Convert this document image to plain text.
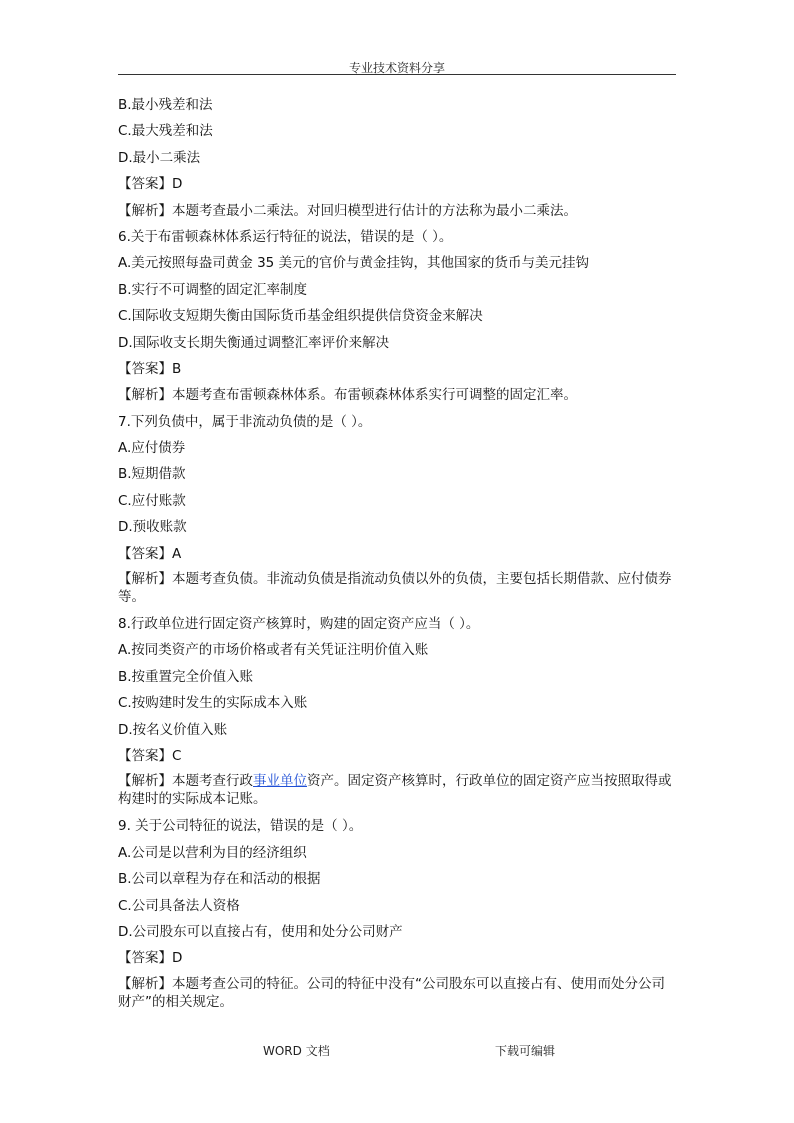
专业技术资料分享
B.最小残差和法
C.最大残差和法
D.最小二乘法
【答案】D
【解析】本题考查最小二乘法。对回归模型进行估计的方法称为最小二乘法。
6.关于布雷顿森林体系运行特征的说法，错误的是（ ）。
A.美元按照每盎司黄金 35 美元的官价与黄金挂钩，其他国家的货币与美元挂钩
B.实行不可调整的固定汇率制度
C.国际收支短期失衡由国际货币基金组织提供信贷资金来解决
D.国际收支长期失衡通过调整汇率评价来解决
【答案】B
【解析】本题考查布雷顿森林体系。布雷顿森林体系实行可调整的固定汇率。
7.下列负债中，属于非流动负债的是（ ）。
A.应付债券
B.短期借款
C.应付账款
D.预收账款
【答案】A
【解析】本题考查负债。非流动负债是指流动负债以外的负债，主要包括长期借款、应付债券等。
8.行政单位进行固定资产核算时，购建的固定资产应当（ ）。
A.按同类资产的市场价格或者有关凭证注明价值入账
B.按重置完全价值入账
C.按购建时发生的实际成本入账
D.按名义价值入账
【答案】C
【解析】本题考查行政事业单位资产。固定资产核算时，行政单位的固定资产应当按照取得或构建时的实际成本记账。
9. 关于公司特征的说法，错误的是（ ）。
A.公司是以营利为目的经济组织
B.公司以章程为存在和活动的根据
C.公司具备法人资格
D.公司股东可以直接占有，使用和处分公司财产
【答案】D
【解析】本题考查公司的特征。公司的特征中没有“公司股东可以直接占有、使用而处分公司财产”的相关规定。
WORD 文档	下载可编辑
